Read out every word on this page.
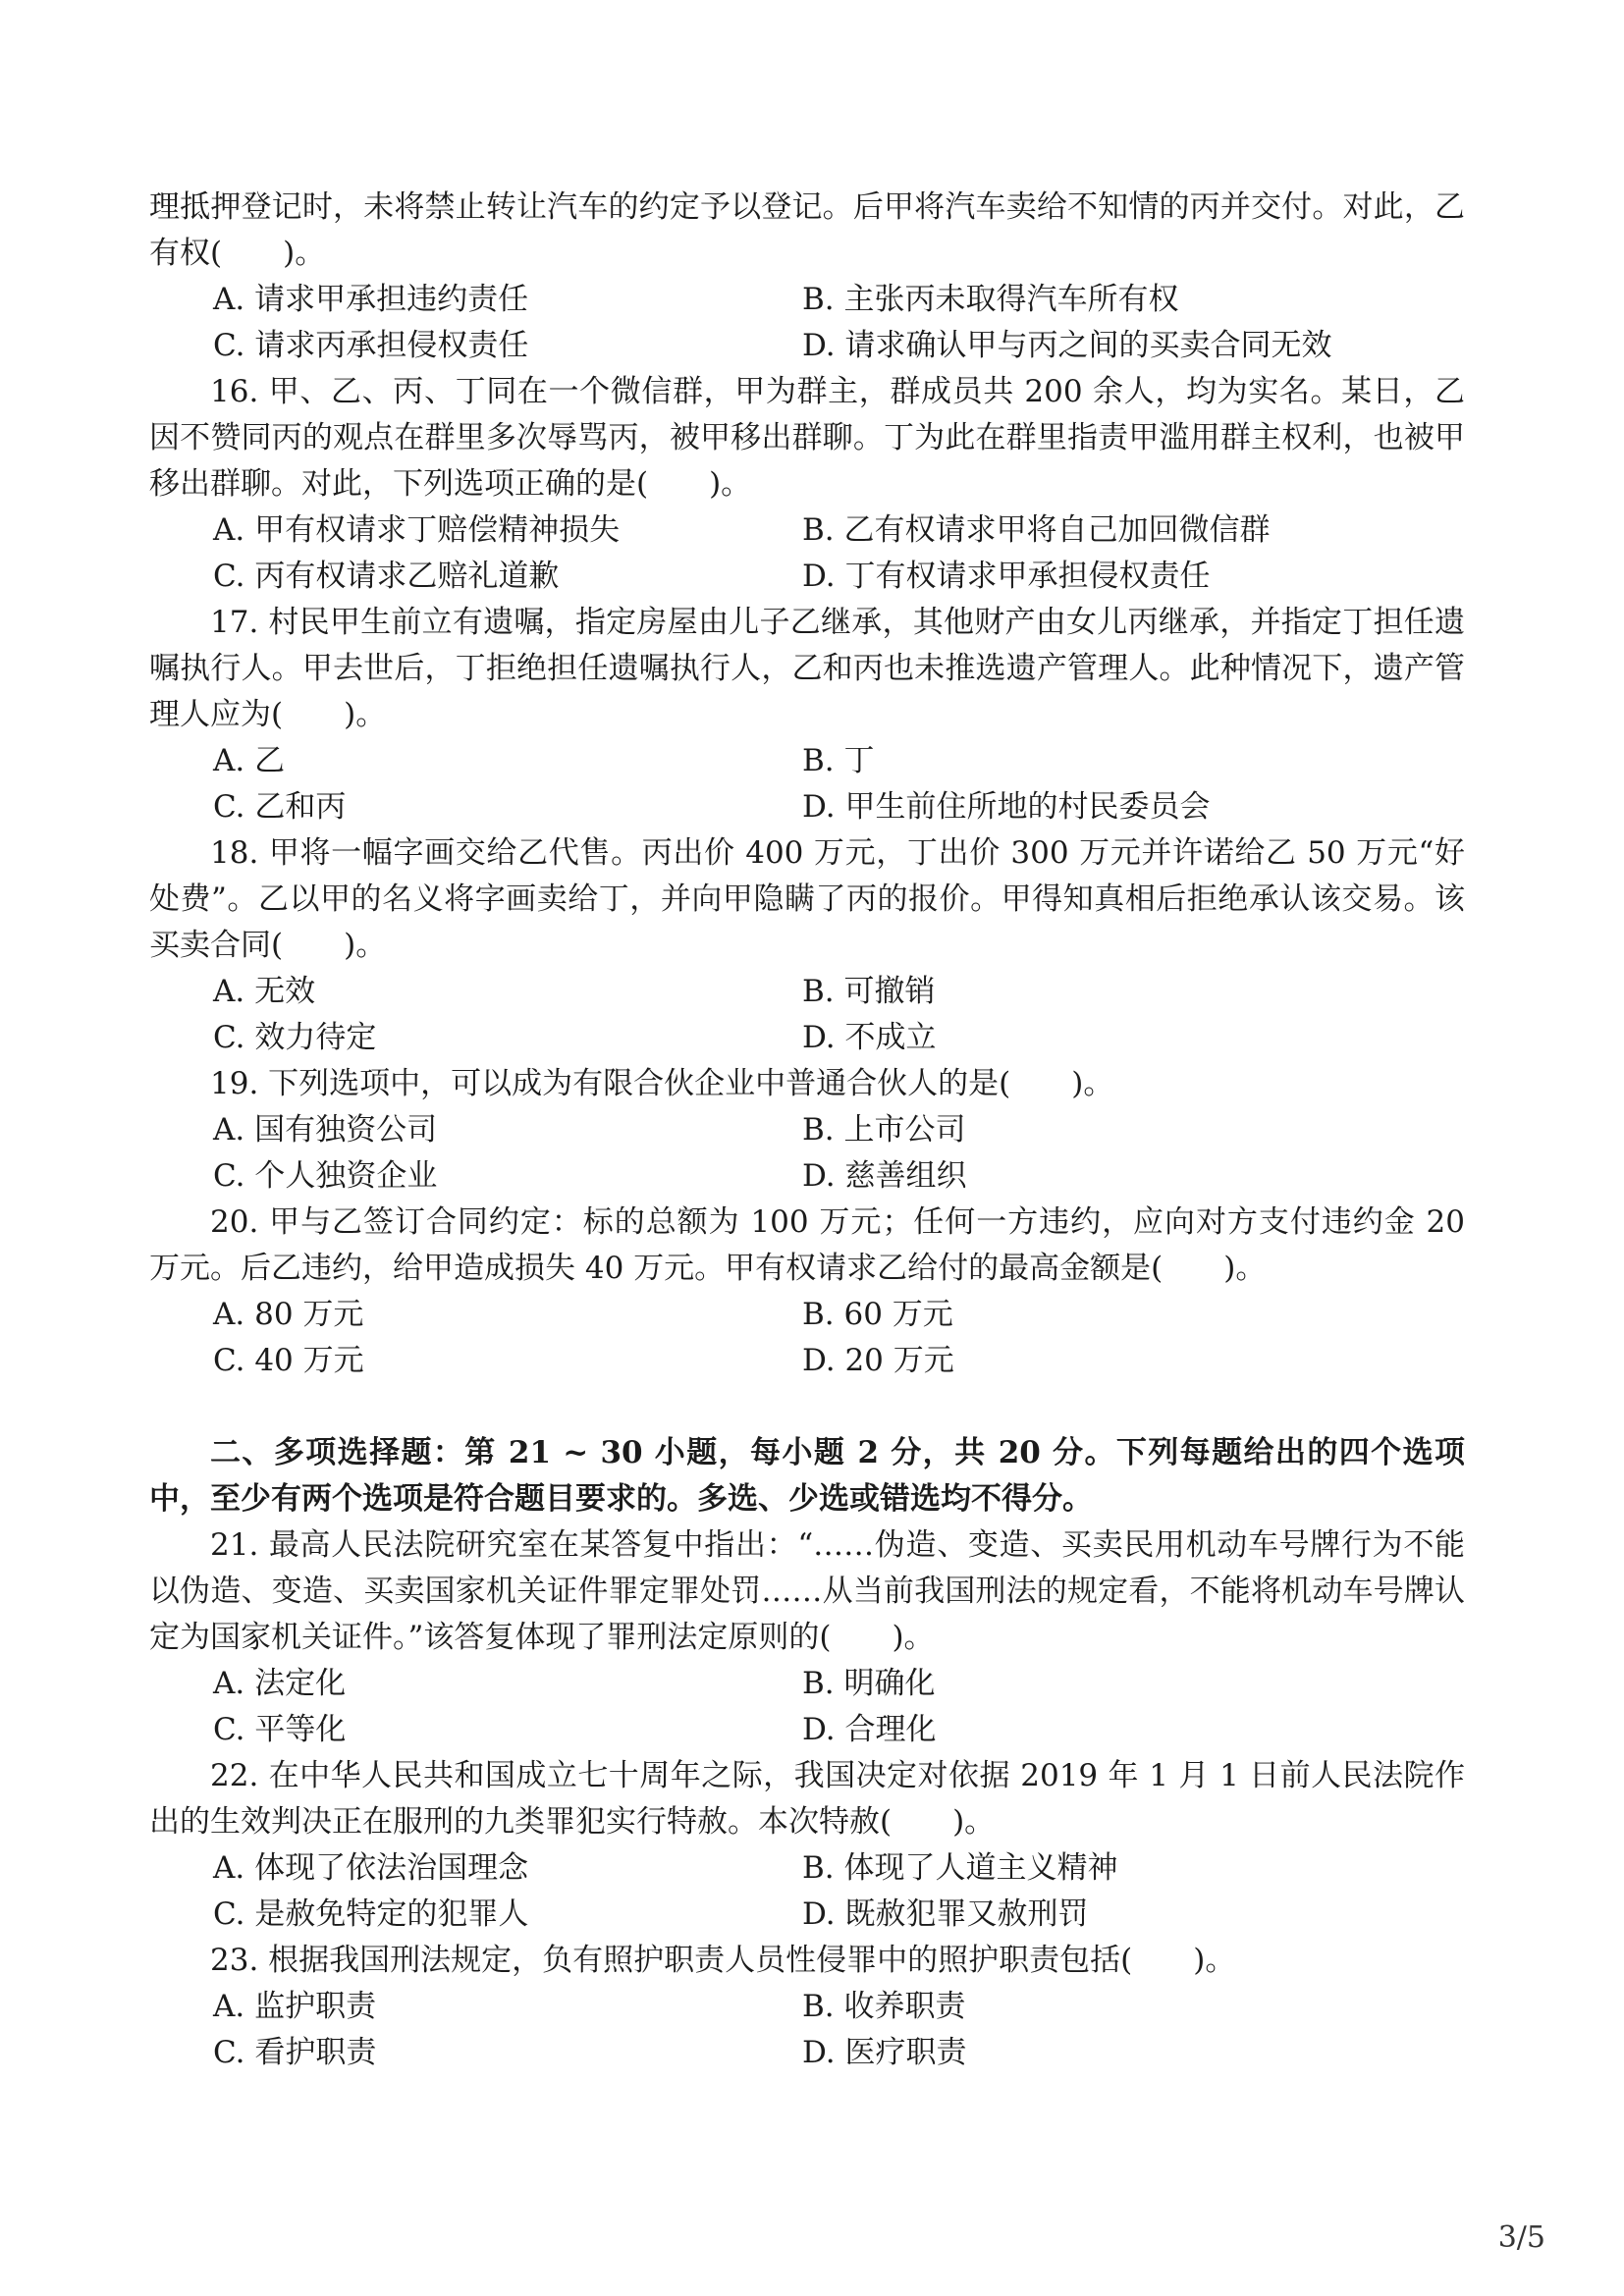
理抵押登记时，未将禁止转让汽车的约定予以登记。后甲将汽车卖给不知情的丙并交付。对此，乙有权(　　)。

A. 请求甲承担违约责任	B. 主张丙未取得汽车所有权
C. 请求丙承担侵权责任	D. 请求确认甲与丙之间的买卖合同无效

16. 甲、乙、丙、丁同在一个微信群，甲为群主，群成员共 200 余人，均为实名。某日，乙因不赞同丙的观点在群里多次辱骂丙，被甲移出群聊。丁为此在群里指责甲滥用群主权利，也被甲移出群聊。对此，下列选项正确的是(　　)。

A. 甲有权请求丁赔偿精神损失	B. 乙有权请求甲将自己加回微信群
C. 丙有权请求乙赔礼道歉	D. 丁有权请求甲承担侵权责任

17. 村民甲生前立有遗嘱，指定房屋由儿子乙继承，其他财产由女儿丙继承，并指定丁担任遗嘱执行人。甲去世后，丁拒绝担任遗嘱执行人，乙和丙也未推选遗产管理人。此种情况下，遗产管理人应为(　　)。

A. 乙	B. 丁
C. 乙和丙	D. 甲生前住所地的村民委员会

18. 甲将一幅字画交给乙代售。丙出价 400 万元，丁出价 300 万元并许诺给乙 50 万元“好处费”。乙以甲的名义将字画卖给丁，并向甲隐瞒了丙的报价。甲得知真相后拒绝承认该交易。该买卖合同(　　)。

A. 无效	B. 可撤销
C. 效力待定	D. 不成立

19. 下列选项中，可以成为有限合伙企业中普通合伙人的是(　　)。

A. 国有独资公司	B. 上市公司
C. 个人独资企业	D. 慈善组织

20. 甲与乙签订合同约定：标的总额为 100 万元；任何一方违约，应向对方支付违约金 20 万元。后乙违约，给甲造成损失 40 万元。甲有权请求乙给付的最高金额是(　　)。

A. 80 万元	B. 60 万元
C. 40 万元	D. 20 万元

二、多项选择题：第 21 ~ 30 小题，每小题 2 分，共 20 分。下列每题给出的四个选项中，至少有两个选项是符合题目要求的。多选、少选或错选均不得分。

21. 最高人民法院研究室在某答复中指出：“……伪造、变造、买卖民用机动车号牌行为不能以伪造、变造、买卖国家机关证件罪定罪处罚……从当前我国刑法的规定看，不能将机动车号牌认定为国家机关证件。”该答复体现了罪刑法定原则的(　　)。

A. 法定化	B. 明确化
C. 平等化	D. 合理化

22. 在中华人民共和国成立七十周年之际，我国决定对依据 2019 年 1 月 1 日前人民法院作出的生效判决正在服刑的九类罪犯实行特赦。本次特赦(　　)。

A. 体现了依法治国理念	B. 体现了人道主义精神
C. 是赦免特定的犯罪人	D. 既赦犯罪又赦刑罚

23. 根据我国刑法规定，负有照护职责人员性侵罪中的照护职责包括(　　)。

A. 监护职责	B. 收养职责
C. 看护职责	D. 医疗职责
3/5
